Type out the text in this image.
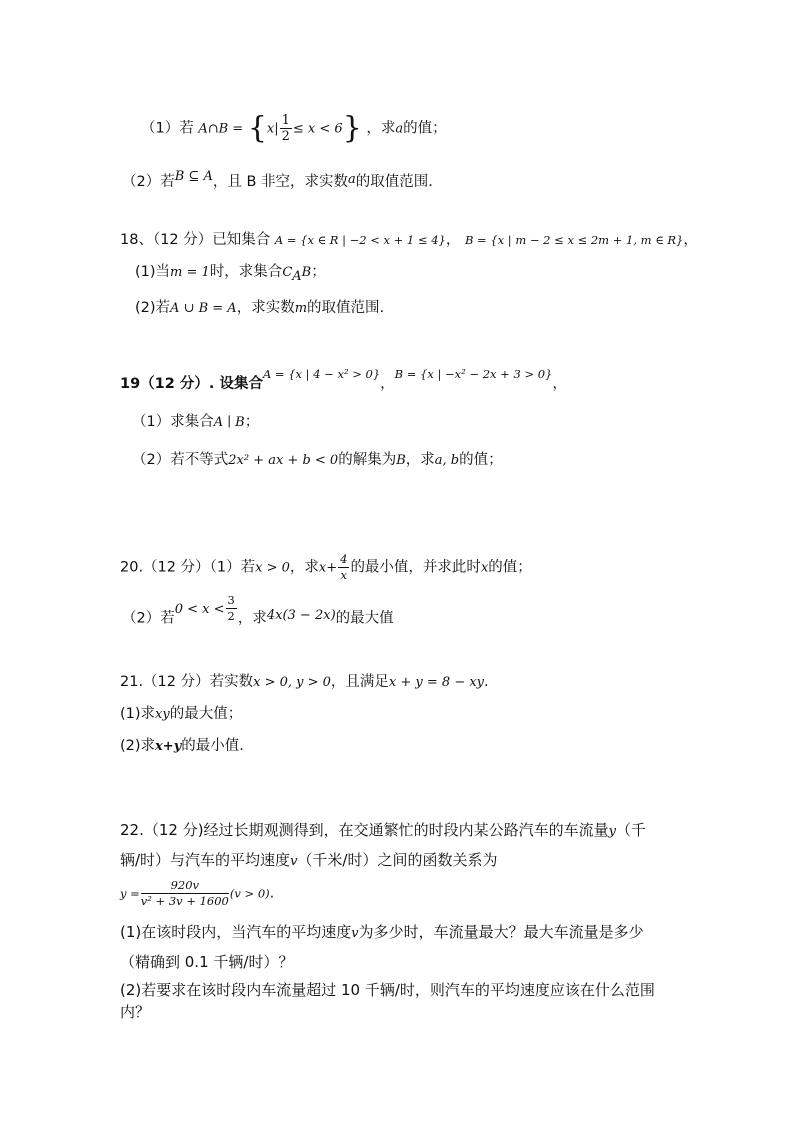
（1）若 A∩B = $\{x| \frac{1}{2} \le x < 6\}$ ，求a的值；
（2）若B ⊆ A，且 B 非空，求实数a的取值范围.
18、（12 分）已知集合 A = {x ∈ R | −2 < x + 1 ≤ 4}， B = {x | m − 2 ≤ x ≤ 2m + 1, m ∈ R}，
(1)当m = 1时，求集合$C_AB$；
(2)若A ∪ B = A，求实数m的取值范围.
19（12 分）. 设集合$^{A = \{x | 4 - x^2 > 0\}}$，$^{B = \{x | -x^2 - 2x + 3 > 0\}}$，
（1）求集合A ∣ B；
（2）若不等式2x² + ax + b < 0的解集为B，求a, b的值；
20.（12 分）（1）若x > 0，求$x+ \frac{4}{x}$ 的最小值，并求此时x的值；
（2）若$0 < x < \frac{3}{2}$ ，求4x(3 − 2x)的最大值
21.（12 分）若实数x > 0, y > 0，且满足x + y = 8 − xy.
(1)求xy的最大值；
(2)求x+y的最小值.
22.（12 分)经过长期观测得到，在交通繁忙的时段内某公路汽车的车流量y（千
辆/时）与汽车的平均速度v（千米/时）之间的函数关系为
$y = \frac{920v}{\text{v² + 3v + 1600}} (v > 0)$.
(1)在该时段内，当汽车的平均速度v为多少时，车流量最大？最大车流量是多少
（精确到 0.1 千辆/时）？
(2)若要求在该时段内车流量超过 10 千辆/时，则汽车的平均速度应该在什么范围
内？
